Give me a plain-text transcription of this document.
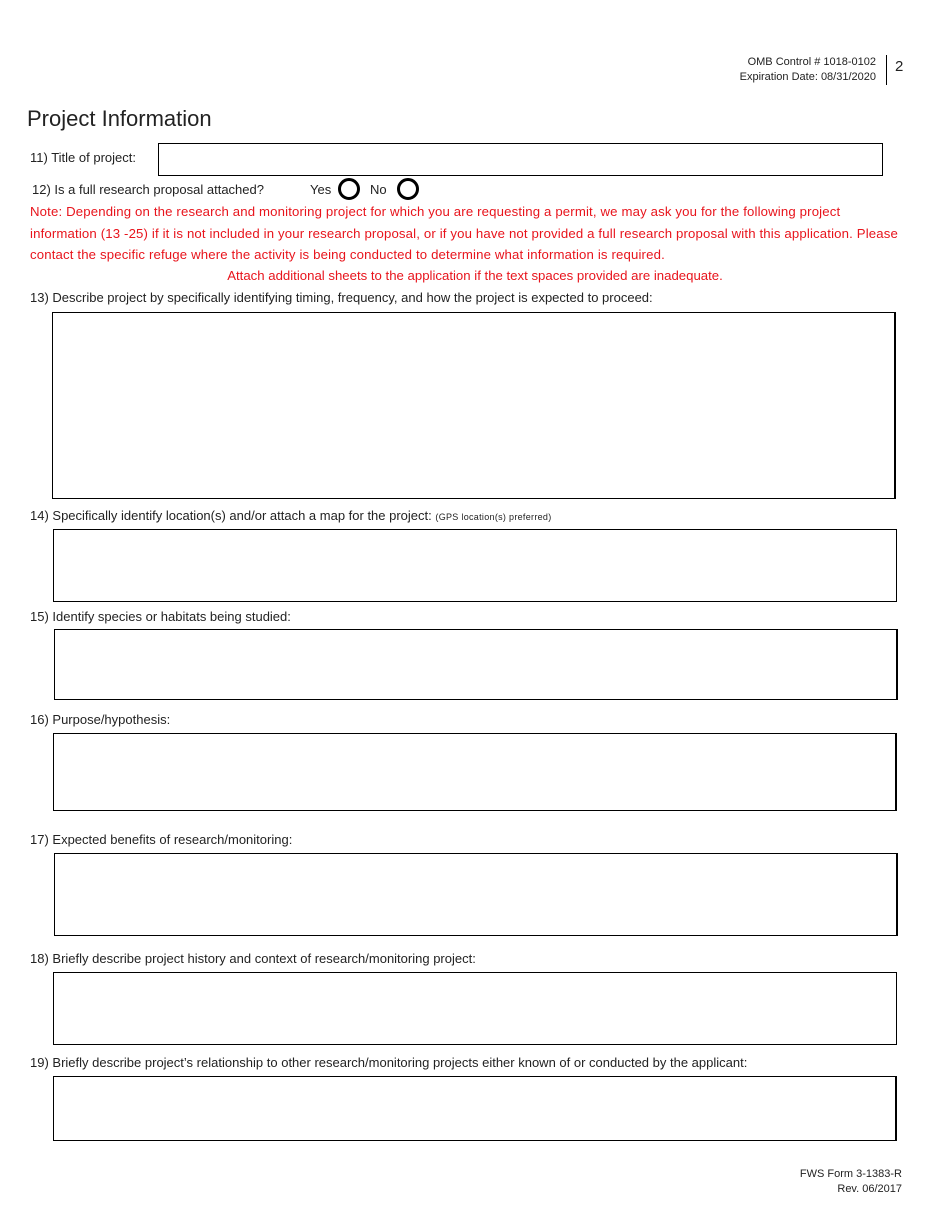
OMB Control # 1018-0102
Expiration Date: 08/31/2020
2
Project Information
11) Title of project:
12) Is a full research proposal attached?	Yes	No
Note: Depending on the research and monitoring project for which you are requesting a permit, we may ask you for the following project information (13 -25) if it is not included in your research proposal, or if you have not provided a full research proposal with this application. Please contact the specific refuge where the activity is being conducted to determine what information is required.
Attach additional sheets to the application if the text spaces provided are inadequate.
13) Describe project by specifically identifying timing, frequency, and how the project is expected to proceed:
14) Specifically identify location(s) and/or attach a map for the project: (GPS location(s) preferred)
15) Identify species or habitats being studied:
16) Purpose/hypothesis:
17) Expected benefits of research/monitoring:
18) Briefly describe project history and context of research/monitoring project:
19) Briefly describe project’s relationship to other research/monitoring projects either known of or conducted by the applicant:
FWS Form 3-1383-R
Rev. 06/2017
